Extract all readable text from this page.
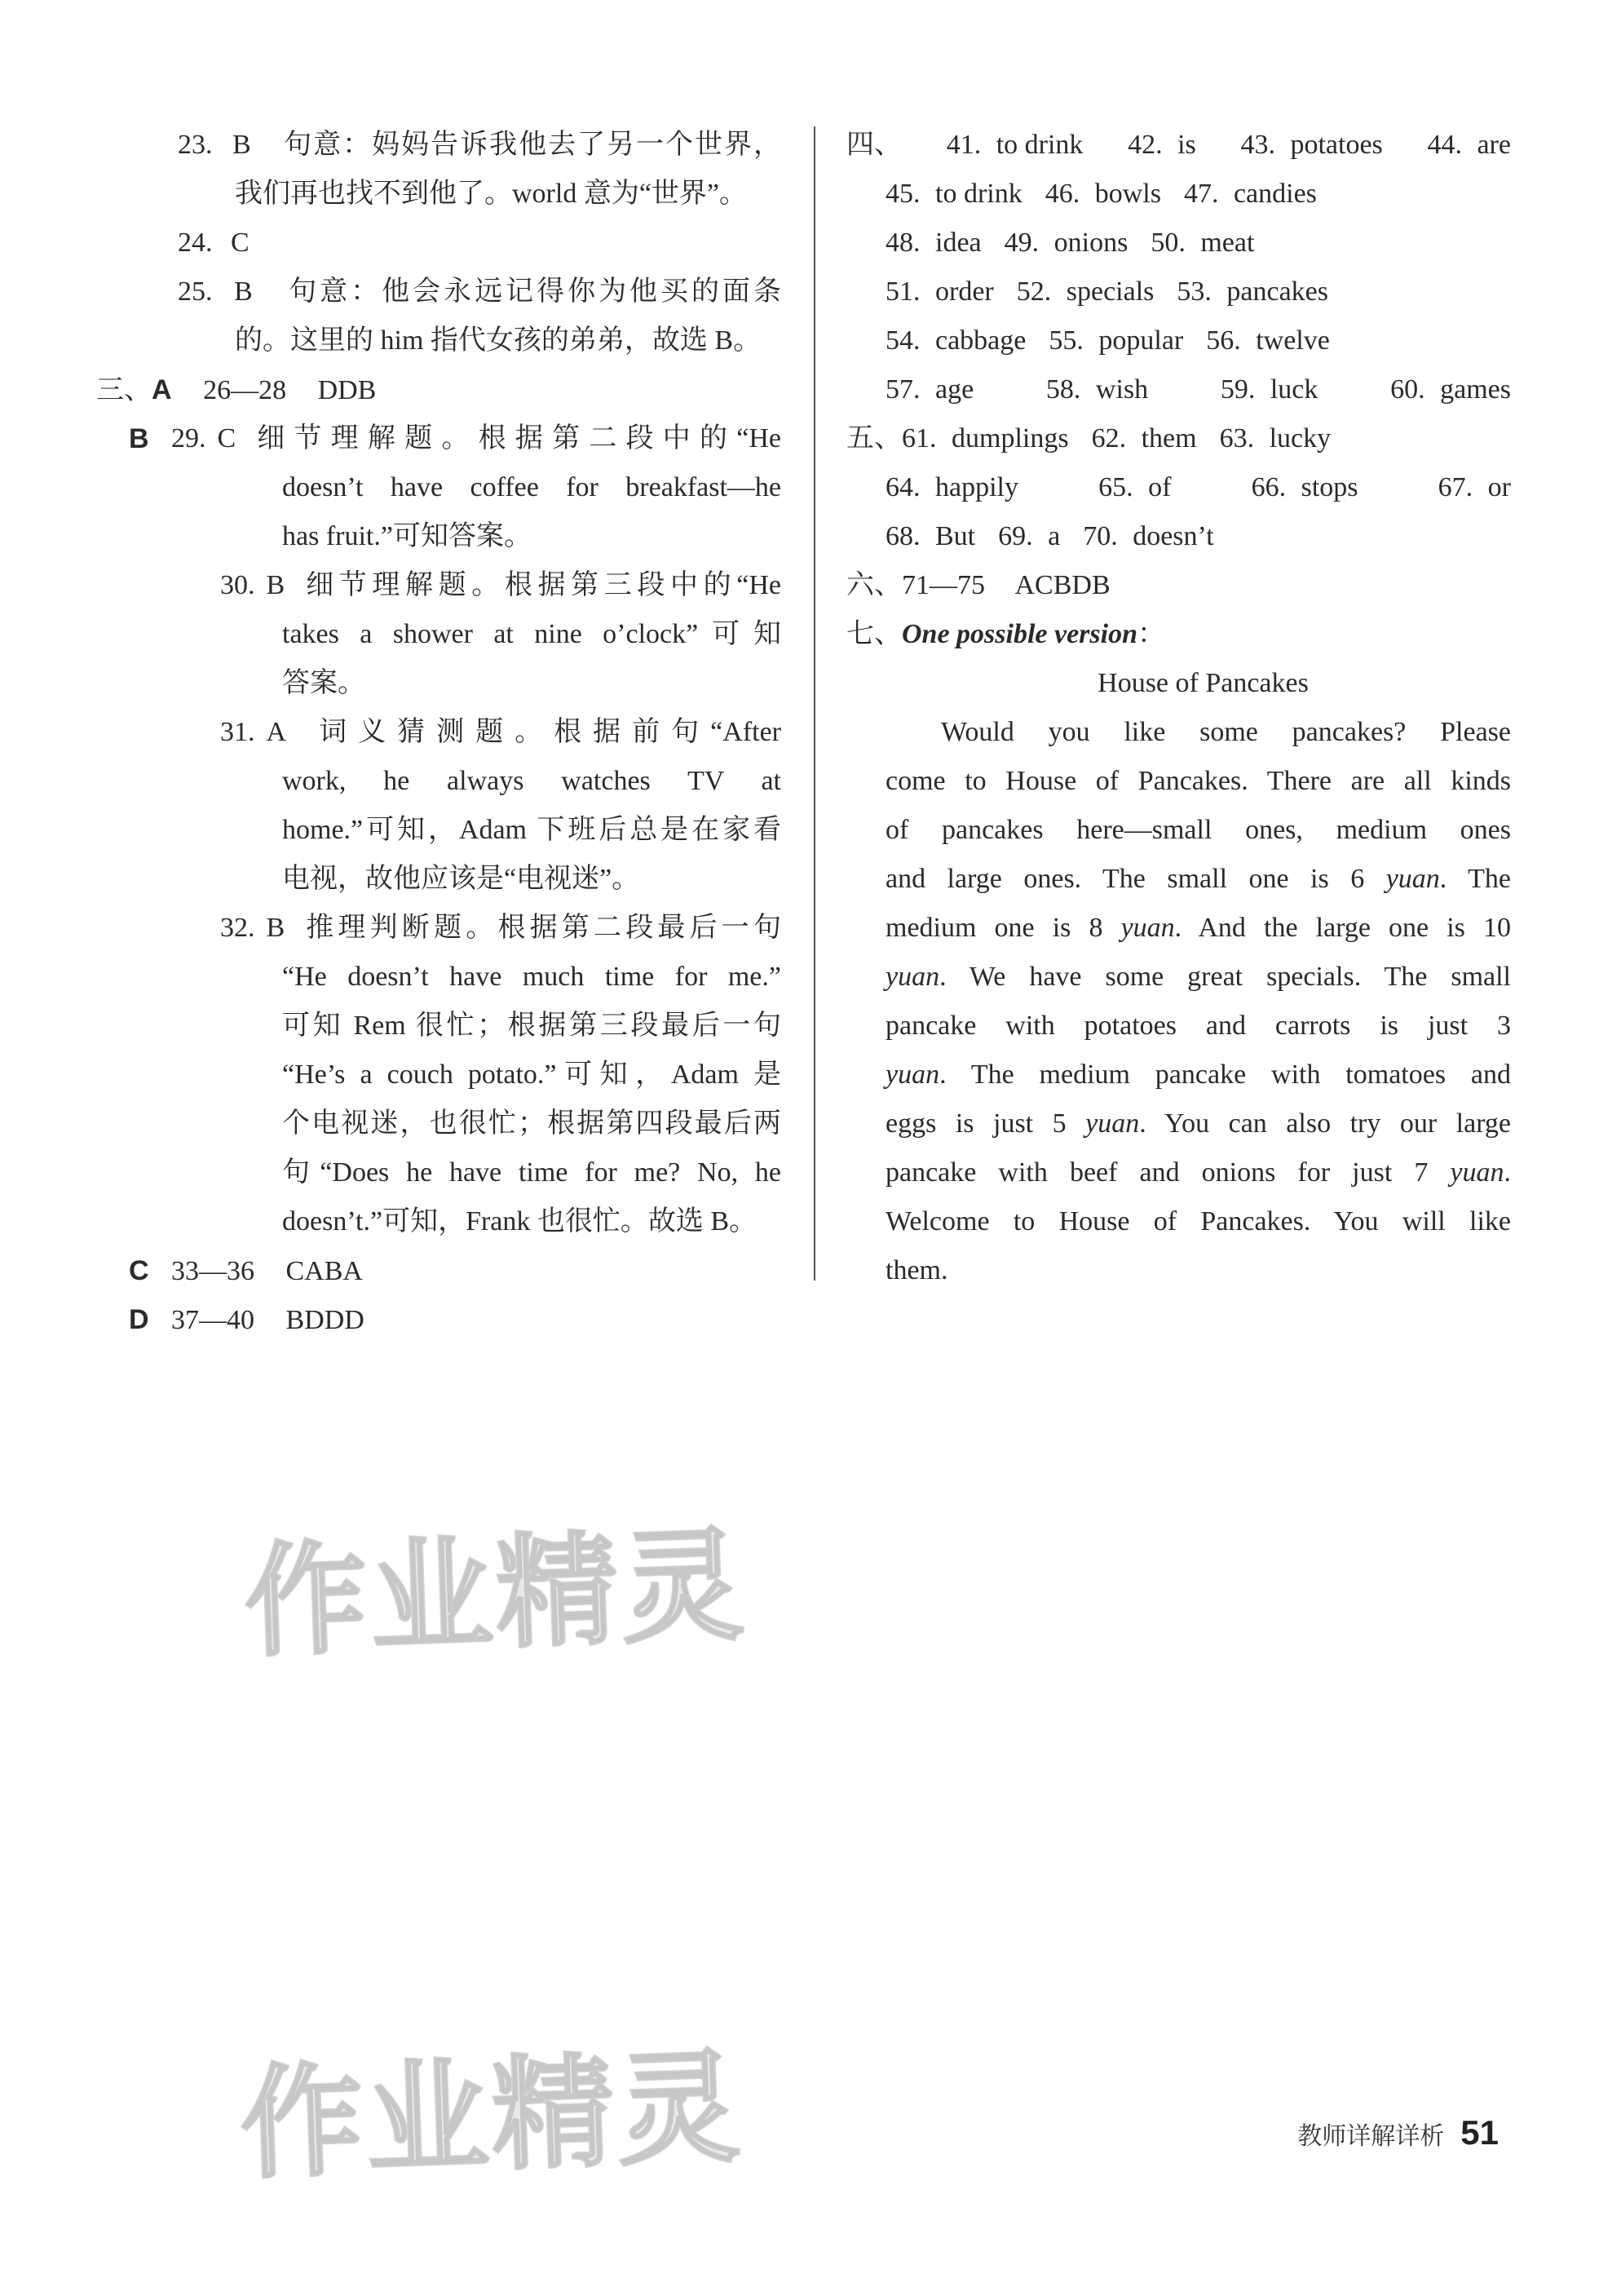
23. B 句意：妈妈告诉我他去了另一个世界，
我们再也找不到他了。world 意为“世界”。
24. C
25. B 句意：他会永远记得你为他买的面条
的。这里的 him 指代女孩的弟弟，故选 B。
三、A 26—28 DDB
B 29. C 细节理解题。根据第二段中的“He
doesn’t have coffee for breakfast—he
has fruit.”可知答案。
30. B 细节理解题。根据第三段中的“He
takes a shower at nine o’clock”可知
答案。
31. A 词义猜测题。根据前句“After
work, he always watches TV at
home.”可知，Adam 下班后总是在家看
电视，故他应该是“电视迷”。
32. B 推理判断题。根据第二段最后一句
“He doesn’t have much time for me.”
可知 Rem 很忙；根据第三段最后一句
“He’s a couch potato.”可知，Adam 是
个电视迷，也很忙；根据第四段最后两
句“Does he have time for me? No, he
doesn’t.”可知，Frank 也很忙。故选 B。
C 33—36 CABA
D 37—40 BDDD
四、 41. to drink 42. is 43. potatoes 44. are
45. to drink 46. bowls 47. candies
48. idea 49. onions 50. meat
51. order 52. specials 53. pancakes
54. cabbage 55. popular 56. twelve
57. age	58. wish	59. luck	60. games
五、 61. dumplings 62. them 63. lucky
64. happily	65. of	66. stops	67. or
68. But 69. a 70. doesn’t
六、71—75 ACBDB
七、One possible version：
House of Pancakes
Would you like some pancakes? Please
come to House of Pancakes. There are all kinds
of pancakes here—small ones, medium ones
and large ones. The small one is 6 yuan. The
medium one is 8 yuan. And the large one is 10
yuan. We have some great specials. The small
pancake with potatoes and carrots is just 3
yuan. The medium pancake with tomatoes and
eggs is just 5 yuan. You can also try our large
pancake with beef and onions for just 7 yuan.
Welcome to House of Pancakes. You will like
them.
作业精灵
作业精灵	教师详解详析 51
